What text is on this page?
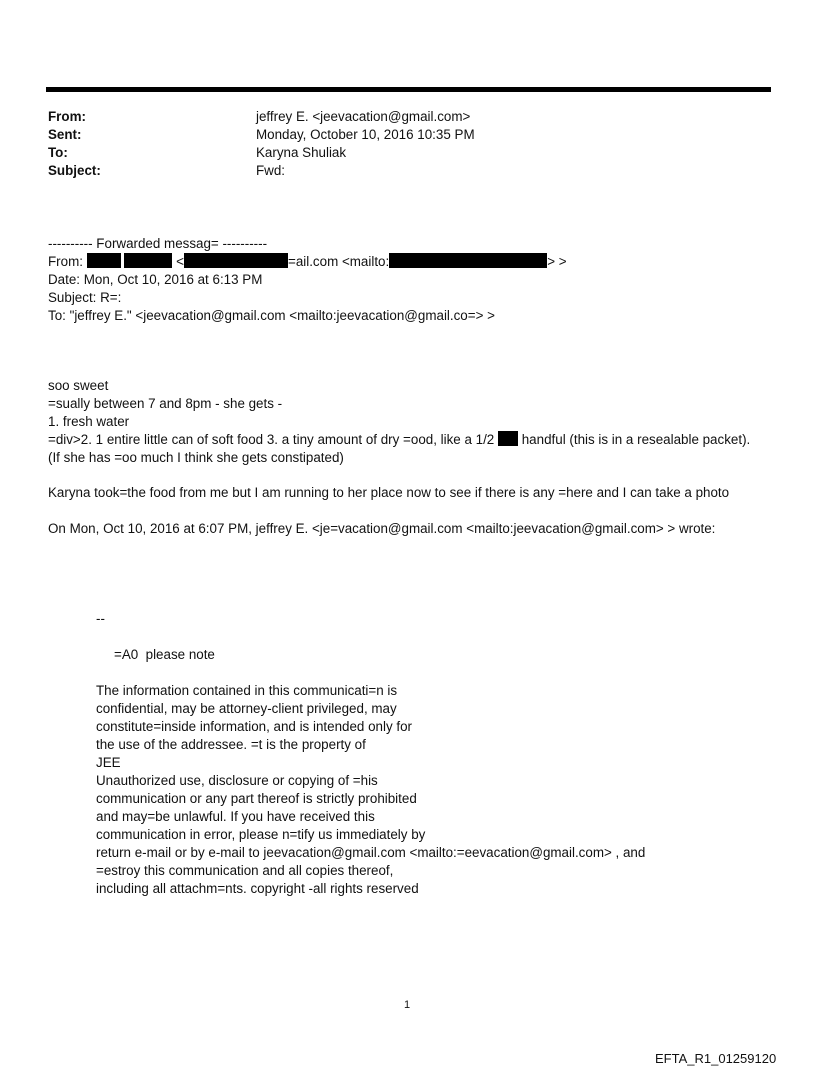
From:	jeffrey E. <jeevacation@gmail.com>
Sent:	Monday, October 10, 2016 10:35 PM
To:	Karyna Shuliak
Subject:	Fwd:
---------- Forwarded messag= ----------
From:	<	=ail.com <mailto:	> >
Date: Mon, Oct 10, 2016 at 6:13 PM
Subject: R=:
To: "jeffrey E." <jeevacation@gmail.com <mailto:jeevacation@gmail.co=> >
soo sweet
=sually between 7 and 8pm - she gets -
1. fresh water
=div>2. 1 entire little can of soft food 3. a tiny amount of dry =ood, like a 1/2 handful (this is in a resealable packet).
(If she has =oo much I think she gets constipated)
Karyna took=the food from me but I am running to her place now to see if there is any =here and I can take a photo
On Mon, Oct 10, 2016 at 6:07 PM, jeffrey E. <je=vacation@gmail.com <mailto:jeevacation@gmail.com> > wrote:
--
=A0  please note
The information contained in this communicati=n is
confidential, may be attorney-client privileged, may
constitute=inside information, and is intended only for
the use of the addressee. =t is the property of
JEE
Unauthorized use, disclosure or copying of =his
communication or any part thereof is strictly prohibited
and may=be unlawful. If you have received this
communication in error, please n=tify us immediately by
return e-mail or by e-mail to jeevacation@gmail.com <mailto:=eevacation@gmail.com> , and
=estroy this communication and all copies thereof,
including all attachm=nts. copyright -all rights reserved
1
EFTA_R1_01259120
